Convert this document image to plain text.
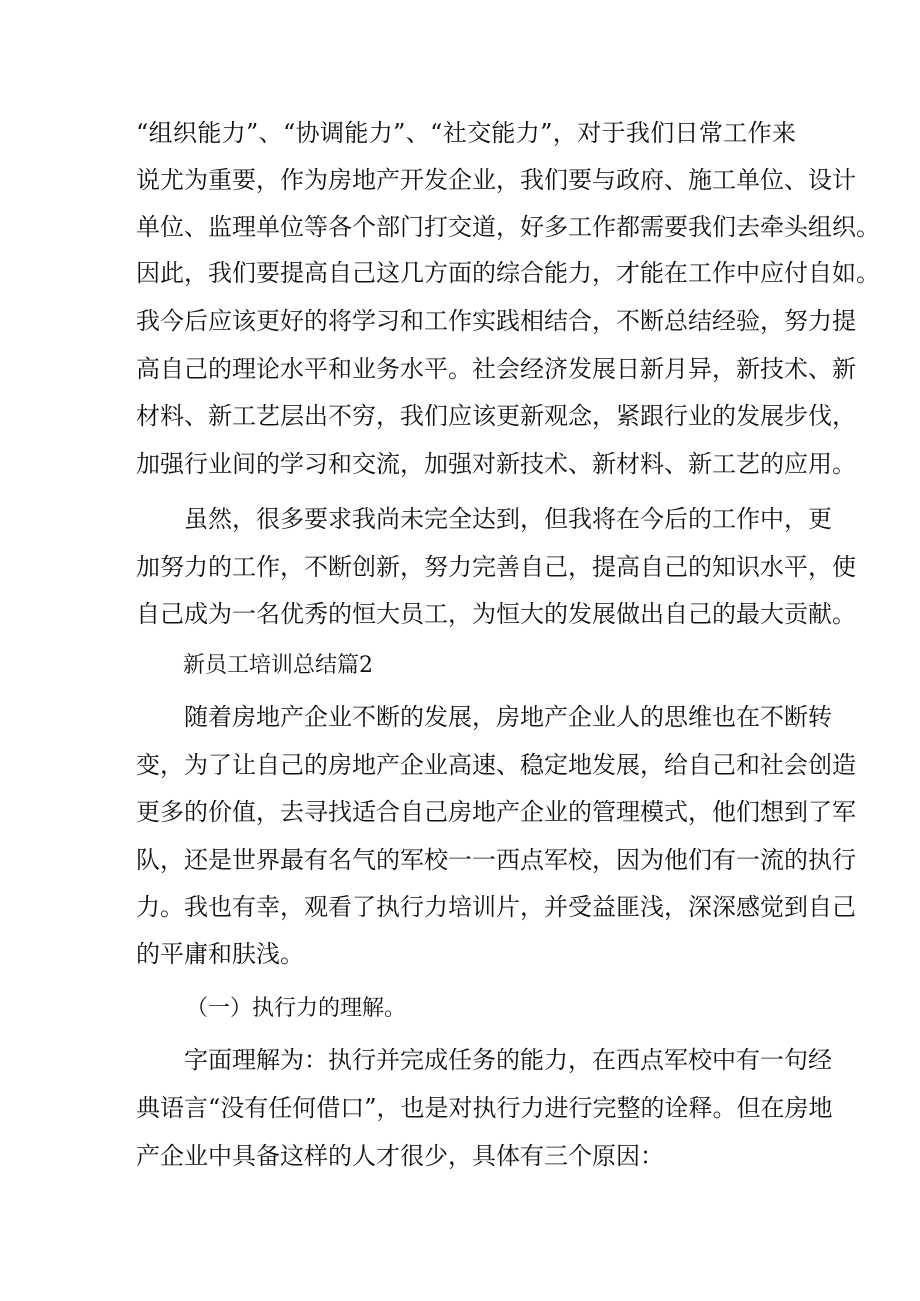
“组织能力”、“协调能力”、“社交能力”，对于我们日常工作来
说尤为重要，作为房地产开发企业，我们要与政府、施工单位、设计
单位、监理单位等各个部门打交道，好多工作都需要我们去牵头组织。
因此，我们要提高自己这几方面的综合能力，才能在工作中应付自如。
我今后应该更好的将学习和工作实践相结合，不断总结经验，努力提
高自己的理论水平和业务水平。社会经济发展日新月异，新技术、新
材料、新工艺层出不穷，我们应该更新观念，紧跟行业的发展步伐，
加强行业间的学习和交流，加强对新技术、新材料、新工艺的应用。
虽然，很多要求我尚未完全达到，但我将在今后的工作中，更
加努力的工作，不断创新，努力完善自己，提高自己的知识水平，使
自己成为一名优秀的恒大员工，为恒大的发展做出自己的最大贡献。
新员工培训总结篇2
随着房地产企业不断的发展，房地产企业人的思维也在不断转
变，为了让自己的房地产企业高速、稳定地发展，给自己和社会创造
更多的价值，去寻找适合自己房地产企业的管理模式，他们想到了军
队，还是世界最有名气的军校一一西点军校，因为他们有一流的执行
力。我也有幸，观看了执行力培训片，并受益匪浅，深深感觉到自己
的平庸和肤浅。
（一）执行力的理解。
字面理解为：执行并完成任务的能力，在西点军校中有一句经
典语言“没有任何借口”，也是对执行力进行完整的诠释。但在房地
产企业中具备这样的人才很少，具体有三个原因：
